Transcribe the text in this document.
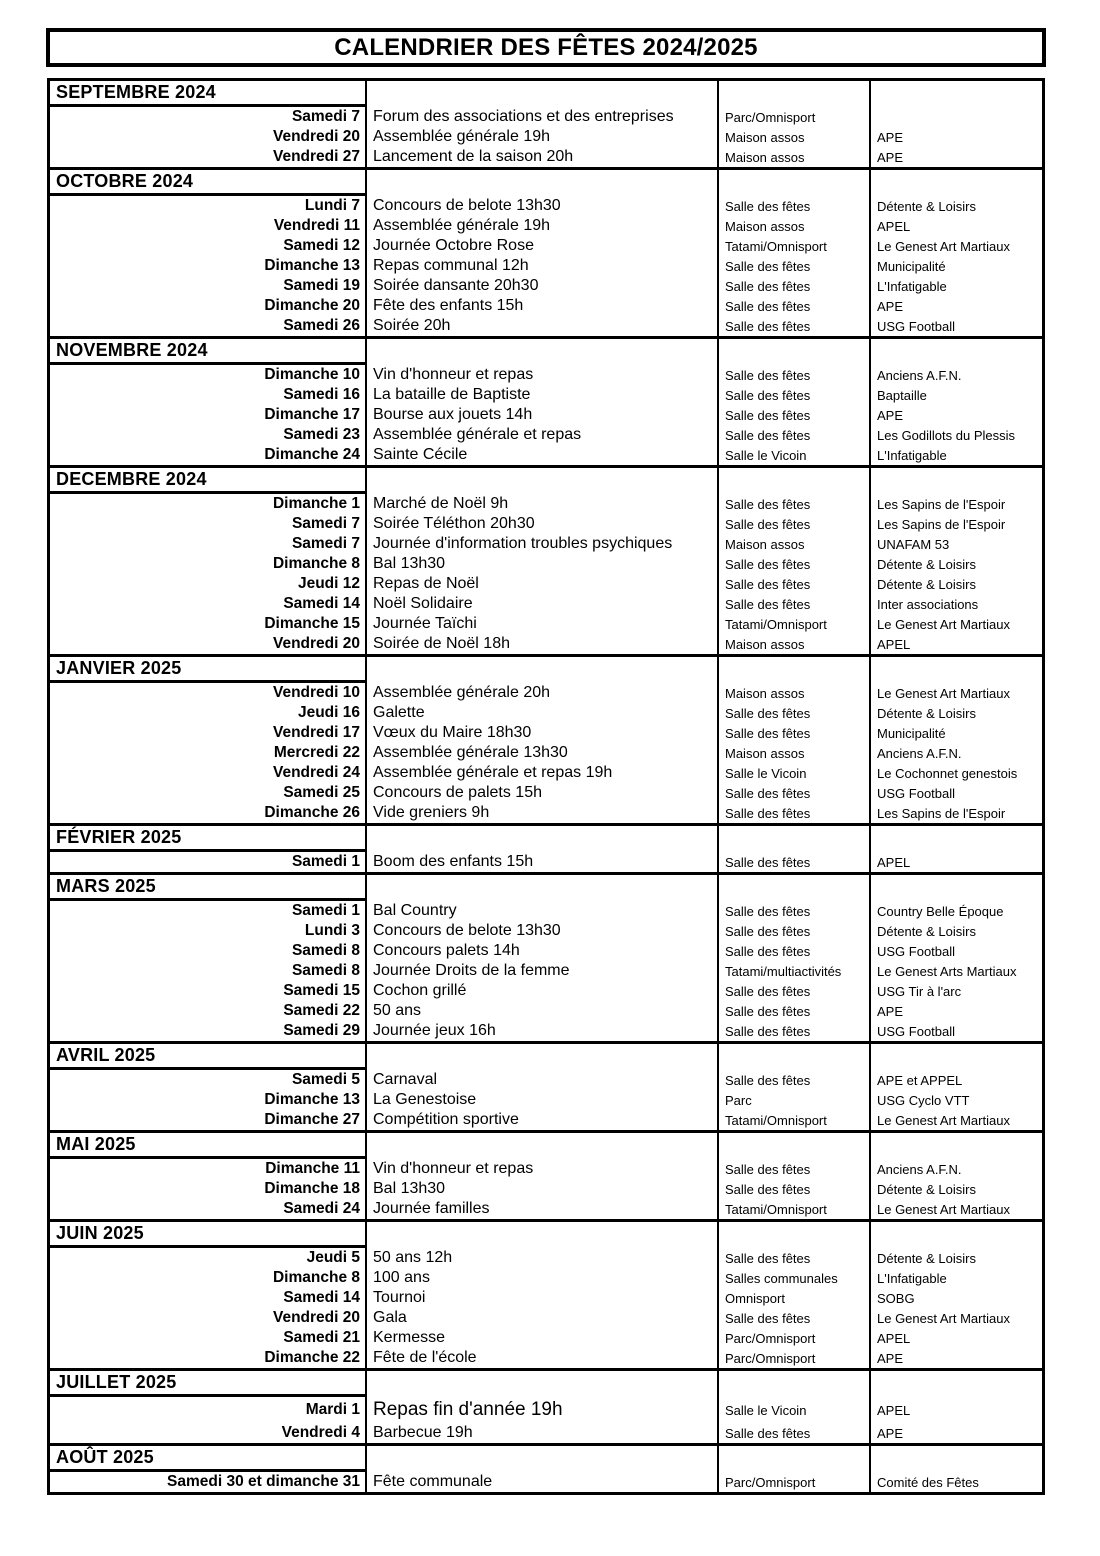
CALENDRIER DES FÊTES 2024/2025
SEPTEMBRE 2024
Samedi 7 Forum des associations et des entreprises	Parc/Omnisport
Vendredi 20 Assemblée générale 19h	Maison assos	APE
Vendredi 27 Lancement de la saison 20h	Maison assos	APE
OCTOBRE 2024
Lundi 7 Concours de belote 13h30	Salle des fêtes	Détente & Loisirs
Vendredi 11 Assemblée générale 19h	Maison assos	APEL
Samedi 12 Journée Octobre Rose	Tatami/Omnisport	Le Genest Art Martiaux
Dimanche 13 Repas communal 12h	Salle des fêtes	Municipalité
Samedi 19 Soirée dansante 20h30	Salle des fêtes	L'Infatigable
Dimanche 20 Fête des enfants 15h	Salle des fêtes	APE
Samedi 26 Soirée 20h	Salle des fêtes	USG Football
NOVEMBRE 2024
Dimanche 10 Vin d'honneur et repas	Salle des fêtes	Anciens A.F.N.
Samedi 16 La bataille de Baptiste	Salle des fêtes	Baptaille
Dimanche 17 Bourse aux jouets 14h	Salle des fêtes	APE
Samedi 23 Assemblée générale et repas	Salle des fêtes	Les Godillots du Plessis
Dimanche 24 Sainte Cécile	Salle le Vicoin	L'Infatigable
DECEMBRE 2024
Dimanche 1 Marché de Noël 9h	Salle des fêtes	Les Sapins de l'Espoir
Samedi 7 Soirée Téléthon 20h30	Salle des fêtes	Les Sapins de l'Espoir
Samedi 7 Journée d'information troubles psychiques	Maison assos	UNAFAM 53
Dimanche 8 Bal 13h30	Salle des fêtes	Détente & Loisirs
Jeudi 12 Repas de Noël	Salle des fêtes	Détente & Loisirs
Samedi 14 Noël Solidaire	Salle des fêtes	Inter associations
Dimanche 15 Journée Taïchi	Tatami/Omnisport	Le Genest Art Martiaux
Vendredi 20 Soirée de Noël 18h	Maison assos	APEL
JANVIER 2025
Vendredi 10 Assemblée générale 20h	Maison assos	Le Genest Art Martiaux
Jeudi 16 Galette	Salle des fêtes	Détente & Loisirs
Vendredi 17 Vœux du Maire 18h30	Salle des fêtes	Municipalité
Mercredi 22 Assemblée générale 13h30	Maison assos	Anciens A.F.N.
Vendredi 24 Assemblée générale et repas 19h	Salle le Vicoin	Le Cochonnet genestois
Samedi 25 Concours de palets 15h	Salle des fêtes	USG Football
Dimanche 26 Vide greniers 9h	Salle des fêtes	Les Sapins de l'Espoir
FÉVRIER 2025
Samedi 1 Boom des enfants 15h	Salle des fêtes	APEL
MARS 2025
Samedi 1 Bal Country	Salle des fêtes	Country Belle Époque
Lundi 3 Concours de belote 13h30	Salle des fêtes	Détente & Loisirs
Samedi 8 Concours palets 14h	Salle des fêtes	USG Football
Samedi 8 Journée Droits de la femme	Tatami/multiactivités	Le Genest Arts Martiaux
Samedi 15 Cochon grillé	Salle des fêtes	USG Tir à l'arc
Samedi 22 50 ans	Salle des fêtes	APE
Samedi 29 Journée jeux 16h	Salle des fêtes	USG Football
AVRIL 2025
Samedi 5 Carnaval	Salle des fêtes	APE et APPEL
Dimanche 13 La Genestoise	Parc	USG Cyclo VTT
Dimanche 27 Compétition sportive	Tatami/Omnisport	Le Genest Art Martiaux
MAI 2025
Dimanche 11 Vin d'honneur et repas	Salle des fêtes	Anciens A.F.N.
Dimanche 18 Bal 13h30	Salle des fêtes	Détente & Loisirs
Samedi 24 Journée familles	Tatami/Omnisport	Le Genest Art Martiaux
JUIN 2025
Jeudi 5 50 ans 12h	Salle des fêtes	Détente & Loisirs
Dimanche 8 100 ans	Salles communales	L'Infatigable
Samedi 14 Tournoi	Omnisport	SOBG
Vendredi 20 Gala	Salle des fêtes	Le Genest Art Martiaux
Samedi 21 Kermesse	Parc/Omnisport	APEL
Dimanche 22 Fête de l'école	Parc/Omnisport	APE
JUILLET 2025
Mardi 1 Repas fin d'année 19h	Salle le Vicoin	APEL
Vendredi 4 Barbecue 19h	Salle des fêtes	APE
AOÛT 2025
Samedi 30 et dimanche 31 Fête communale	Parc/Omnisport	Comité des Fêtes
